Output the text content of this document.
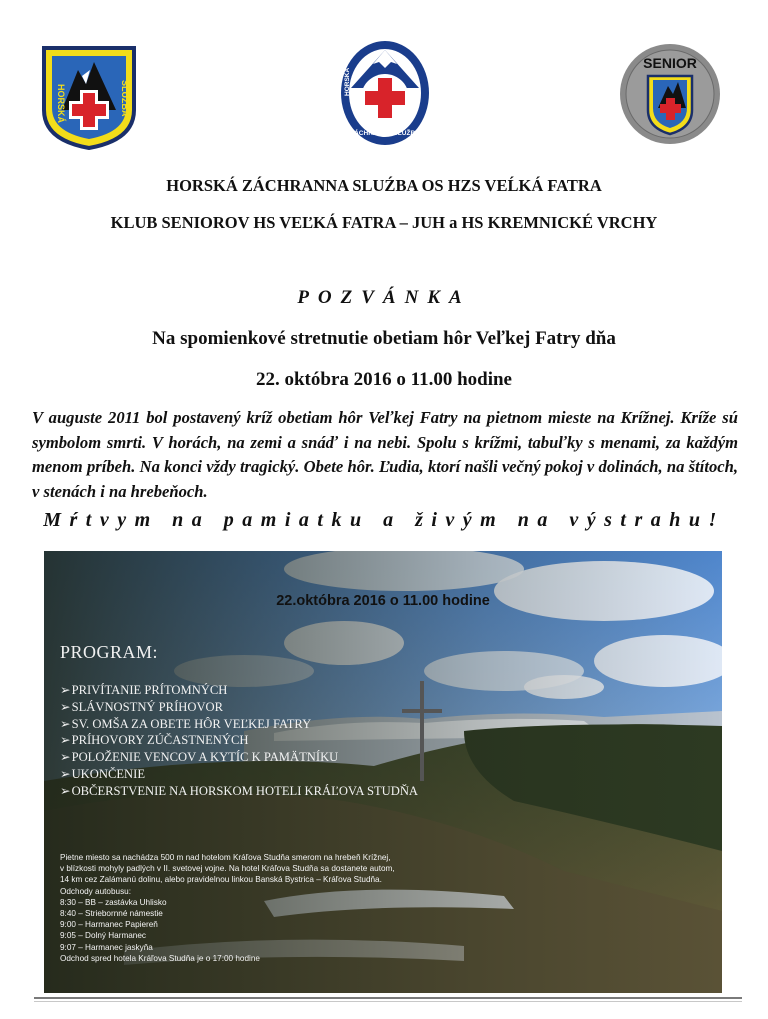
HORSKÁ	SLUŽBA
ZÁCHRANNÁ SLUŽBA
HORSKÁ
SENIOR
HORSKÁ ZÁCHRANNA SLUŹBA OS HZS VEĹKÁ FATRA
KLUB SENIOROV HS VEĽKÁ FATRA – JUH a HS KREMNICKÉ VRCHY
POZVÁNKA
Na spomienkové stretnutie obetiam hôr Veľkej Fatry dňa
22. októbra 2016 o 11.00 hodine

V auguste 2011 bol postavený kríž obetiam hôr Veľkej Fatry na pietnom mieste na Krížnej. Kríže sú symbolom smrti. V horách, na zemi a snáď i na nebi. Spolu s krížmi, tabuľky s menami, za každým menom príbeh. Na konci vždy tragický. Obete hôr. Ľudia, ktorí našli večný pokoj v dolinách, na štítoch, v stenách i na hrebeňoch.

Mŕtvym na pamiatku a živým na výstrahu!
22.októbra 2016 o 11.00 hodine
PROGRAM:
➢PRIVÍTANIE PRÍTOMNÝCH
➢SLÁVNOSTNÝ PRÍHOVOR
➢SV. OMŠA ZA OBETE HÔR VEĽKEJ FATRY
➢PRÍHOVORY ZÚČASTNENÝCH
➢POLOŽENIE VENCOV A KYTÍC K PAMÄTNÍKU
➢UKONČENIE
➢OBČERSTVENIE NA HORSKOM HOTELI KRÁĽOVA STUDŇA
Pietne miesto sa nachádza 500 m nad hotelom Kráľova Studňa smerom na hrebeň Krížnej,
v blízkosti mohyly padlých v II. svetovej vojne. Na hotel Kráľova Studňa sa dostanete autom,
14 km cez Zalámanú dolinu, alebo pravidelnou linkou Banská Bystrica – Kráľova Studňa.
Odchody autobusu:
8:30 – BB – zastávka Uhlisko
8:40 – Striebornné námestie
9:00 – Harmanec Papiereň
9:05 – Dolný Harmanec
9:07 – Harmanec jaskyňa
Odchod spred hotela Kráľova Studňa je o 17:00 hodine
